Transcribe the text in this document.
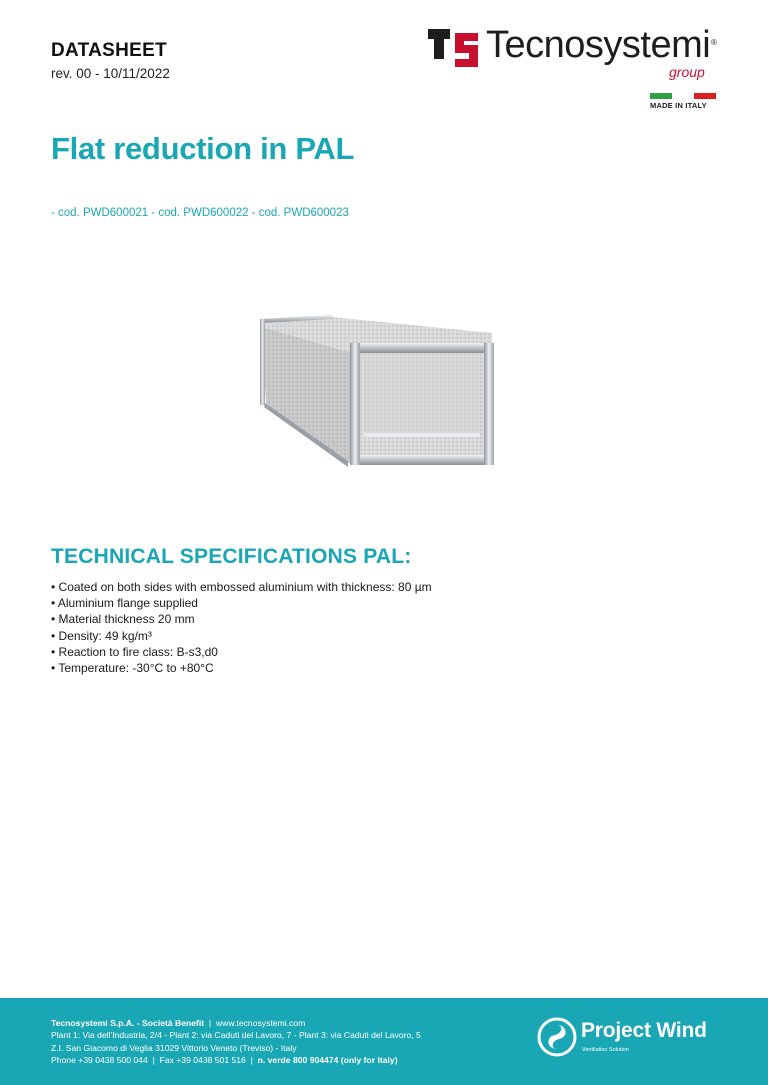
DATASHEET
rev. 00 - 10/11/2022
Tecnosystemi ®
group
MADE IN ITALY
Flat reduction in PAL
- cod. PWD600021 - cod. PWD600022 - cod. PWD600023
TECHNICAL SPECIFICATIONS PAL:
• Coated on both sides with embossed aluminium with thickness: 80 µm
• Aluminium flange supplied
• Material thickness 20 mm
• Density: 49 kg/m³
• Reaction to fire class: B-s3,d0
• Temperature: -30°C to +80°C
Tecnosystemi S.p.A. - Società Benefit | www.tecnosystemi.com
Plant 1: Via dell'Industria, 2/4 - Plant 2: via Caduti del Lavoro, 7 - Plant 3: via Caduti del Lavoro, 5
Z.I. San Giacomo di Veglia 31029 Vittorio Veneto (Treviso) - Italy
Phone +39 0438 500 044 | Fax +39 0438 501 516 | n. verde 800 904474 (only for Italy)
Project Wind
Ventilation Solution
